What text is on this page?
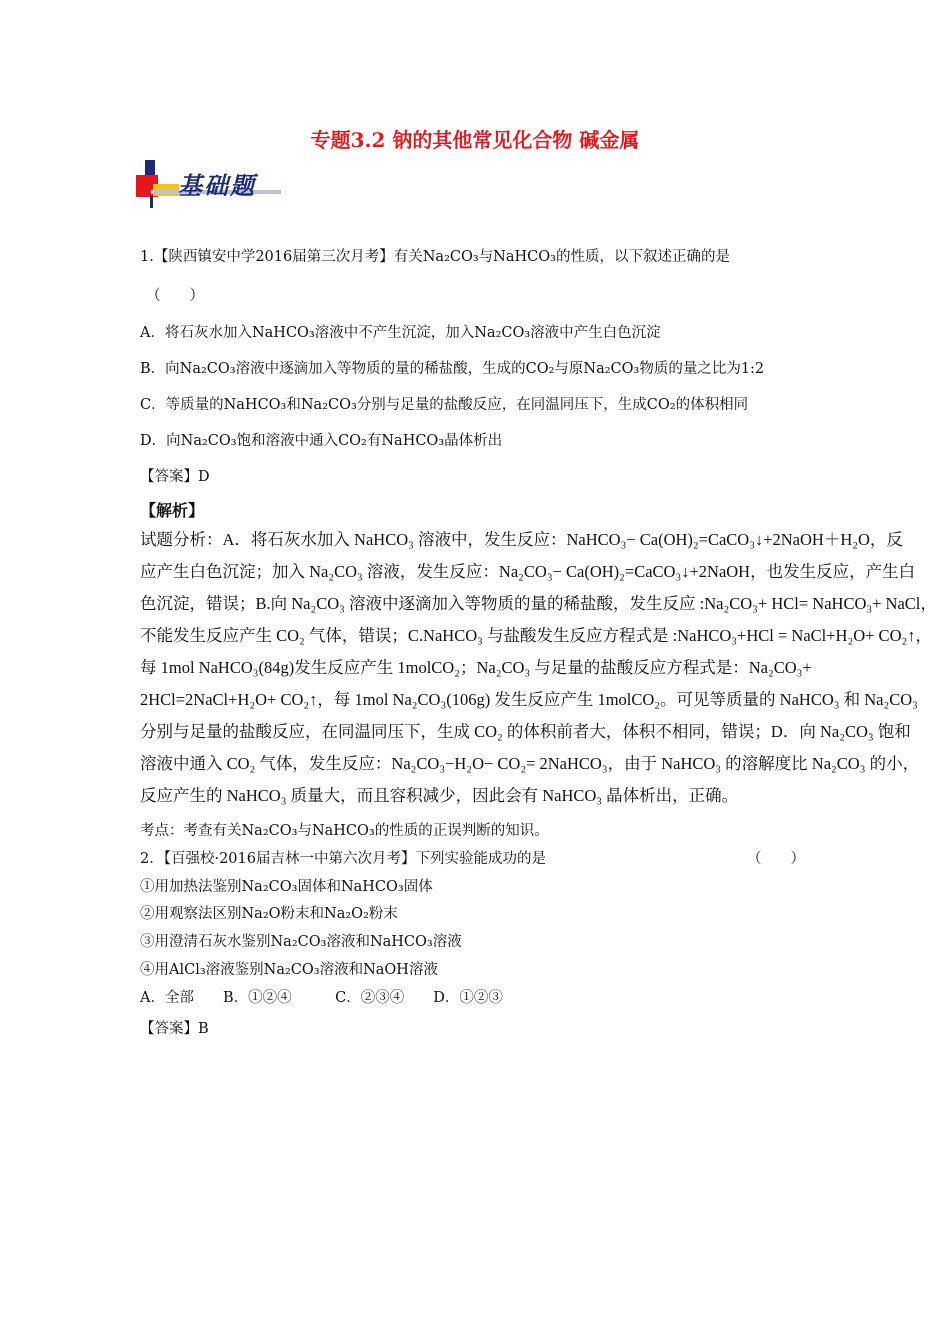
专题3.2 钠的其他常见化合物 碱金属
基础题
1.【陕西镇安中学2016届第三次月考】有关Na₂CO₃与NaHCO₃的性质，以下叙述正确的是
（　　）
A．将石灰水加入NaHCO₃溶液中不产生沉淀，加入Na₂CO₃溶液中产生白色沉淀
B．向Na₂CO₃溶液中逐滴加入等物质的量的稀盐酸，生成的CO₂与原Na₂CO₃物质的量之比为1:2
C．等质量的NaHCO₃和Na₂CO₃分别与足量的盐酸反应，在同温同压下，生成CO₂的体积相同
D．向Na₂CO₃饱和溶液中通入CO₂有NaHCO₃晶体析出
【答案】D
【解析】
试题分析：A．将石灰水加入 NaHCO₃ 溶液中，发生反应：NaHCO₃− Ca(OH)₂=CaCO₃↓+2NaOH＋H₂O，反
应产生白色沉淀；加入 Na₂CO₃ 溶液，发生反应：Na₂CO₃− Ca(OH)₂=CaCO₃↓+2NaOH，也发生反应，产生白
色沉淀，错误；B.向 Na₂CO₃ 溶液中逐滴加入等物质的量的稀盐酸，发生反应 :Na₂CO₃+ HCl= NaHCO₃+ NaCl，
不能发生反应产生 CO₂ 气体，错误；C.NaHCO₃ 与盐酸发生反应方程式是 :NaHCO₃+HCl = NaCl+H₂O+ CO₂↑，
每 1mol NaHCO₃(84g)发生反应产生 1molCO₂；Na₂CO₃ 与足量的盐酸反应方程式是：Na₂CO₃+
2HCl=2NaCl+H₂O+ CO₂↑，每 1mol Na₂CO₃(106g) 发生反应产生 1molCO₂。可见等质量的 NaHCO₃ 和 Na₂CO₃
分别与足量的盐酸反应，在同温同压下，生成 CO₂ 的体积前者大，体积不相同，错误；D．向 Na₂CO₃ 饱和
溶液中通入 CO₂ 气体，发生反应：Na₂CO₃−H₂O− CO₂= 2NaHCO₃，由于 NaHCO₃ 的溶解度比 Na₂CO₃ 的小，
反应产生的 NaHCO₃ 质量大，而且容积减少，因此会有 NaHCO₃ 晶体析出，正确。
考点：考查有关Na₂CO₃与NaHCO₃的性质的正误判断的知识。
2．【百强校·2016届吉林一中第六次月考】下列实验能成功的是	（　　）
①用加热法鉴别Na₂CO₃固体和NaHCO₃固体
②用观察法区别Na₂O粉末和Na₂O₂粉末
③用澄清石灰水鉴别Na₂CO₃溶液和NaHCO₃溶液
④用AlCl₃溶液鉴别Na₂CO₃溶液和NaOH溶液
A．全部　　B．①②④　　　C．②③④　　D．①②③
【答案】B
